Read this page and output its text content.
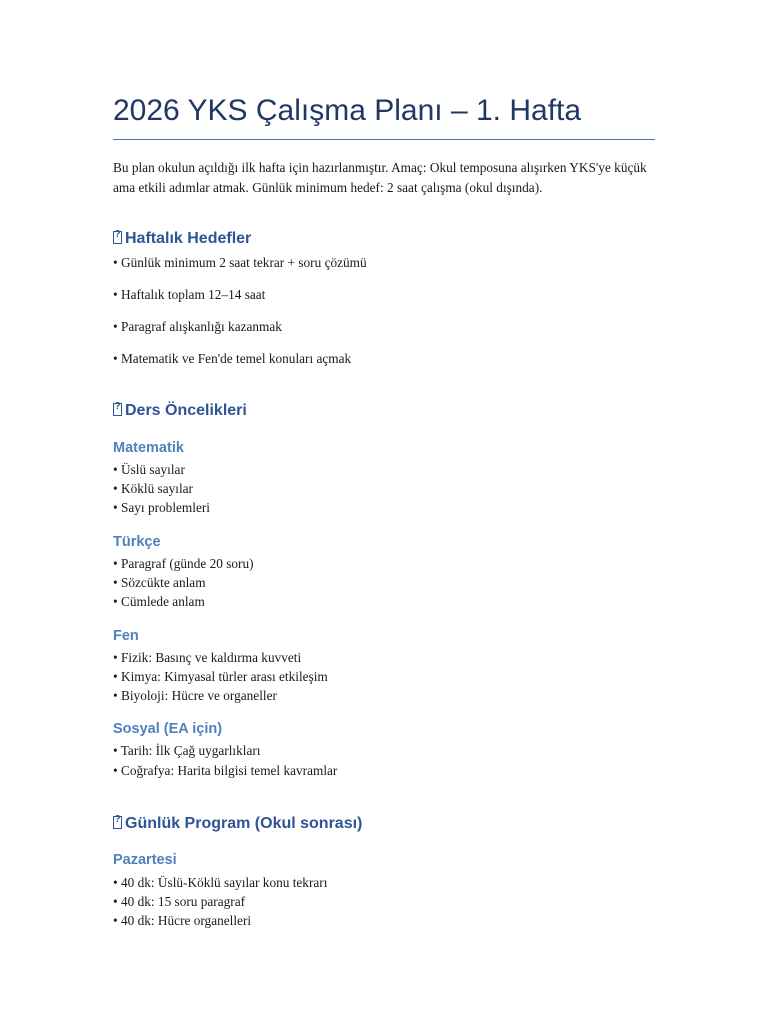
2026 YKS Çalışma Planı – 1. Hafta

Bu plan okulun açıldığı ilk hafta için hazırlanmıştır. Amaç: Okul temposuna alışırken YKS'ye küçük ama etkili adımlar atmak. Günlük minimum hedef: 2 saat çalışma (okul dışında).

?Haftalık Hedefler

• Günlük minimum 2 saat tekrar + soru çözümü

• Haftalık toplam 12–14 saat

• Paragraf alışkanlığı kazanmak

• Matematik ve Fen'de temel konuları açmak

?Ders Öncelikleri
Matematik

• Üslü sayılar

• Köklü sayılar

• Sayı problemleri

Türkçe

• Paragraf (günde 20 soru)

• Sözcükte anlam

• Cümlede anlam

Fen

• Fizik: Basınç ve kaldırma kuvveti

• Kimya: Kimyasal türler arası etkileşim

• Biyoloji: Hücre ve organeller

Sosyal (EA için)

• Tarih: İlk Çağ uygarlıkları

• Coğrafya: Harita bilgisi temel kavramlar

?Günlük Program (Okul sonrası)
Pazartesi

• 40 dk: Üslü-Köklü sayılar konu tekrarı

• 40 dk: 15 soru paragraf

• 40 dk: Hücre organelleri
